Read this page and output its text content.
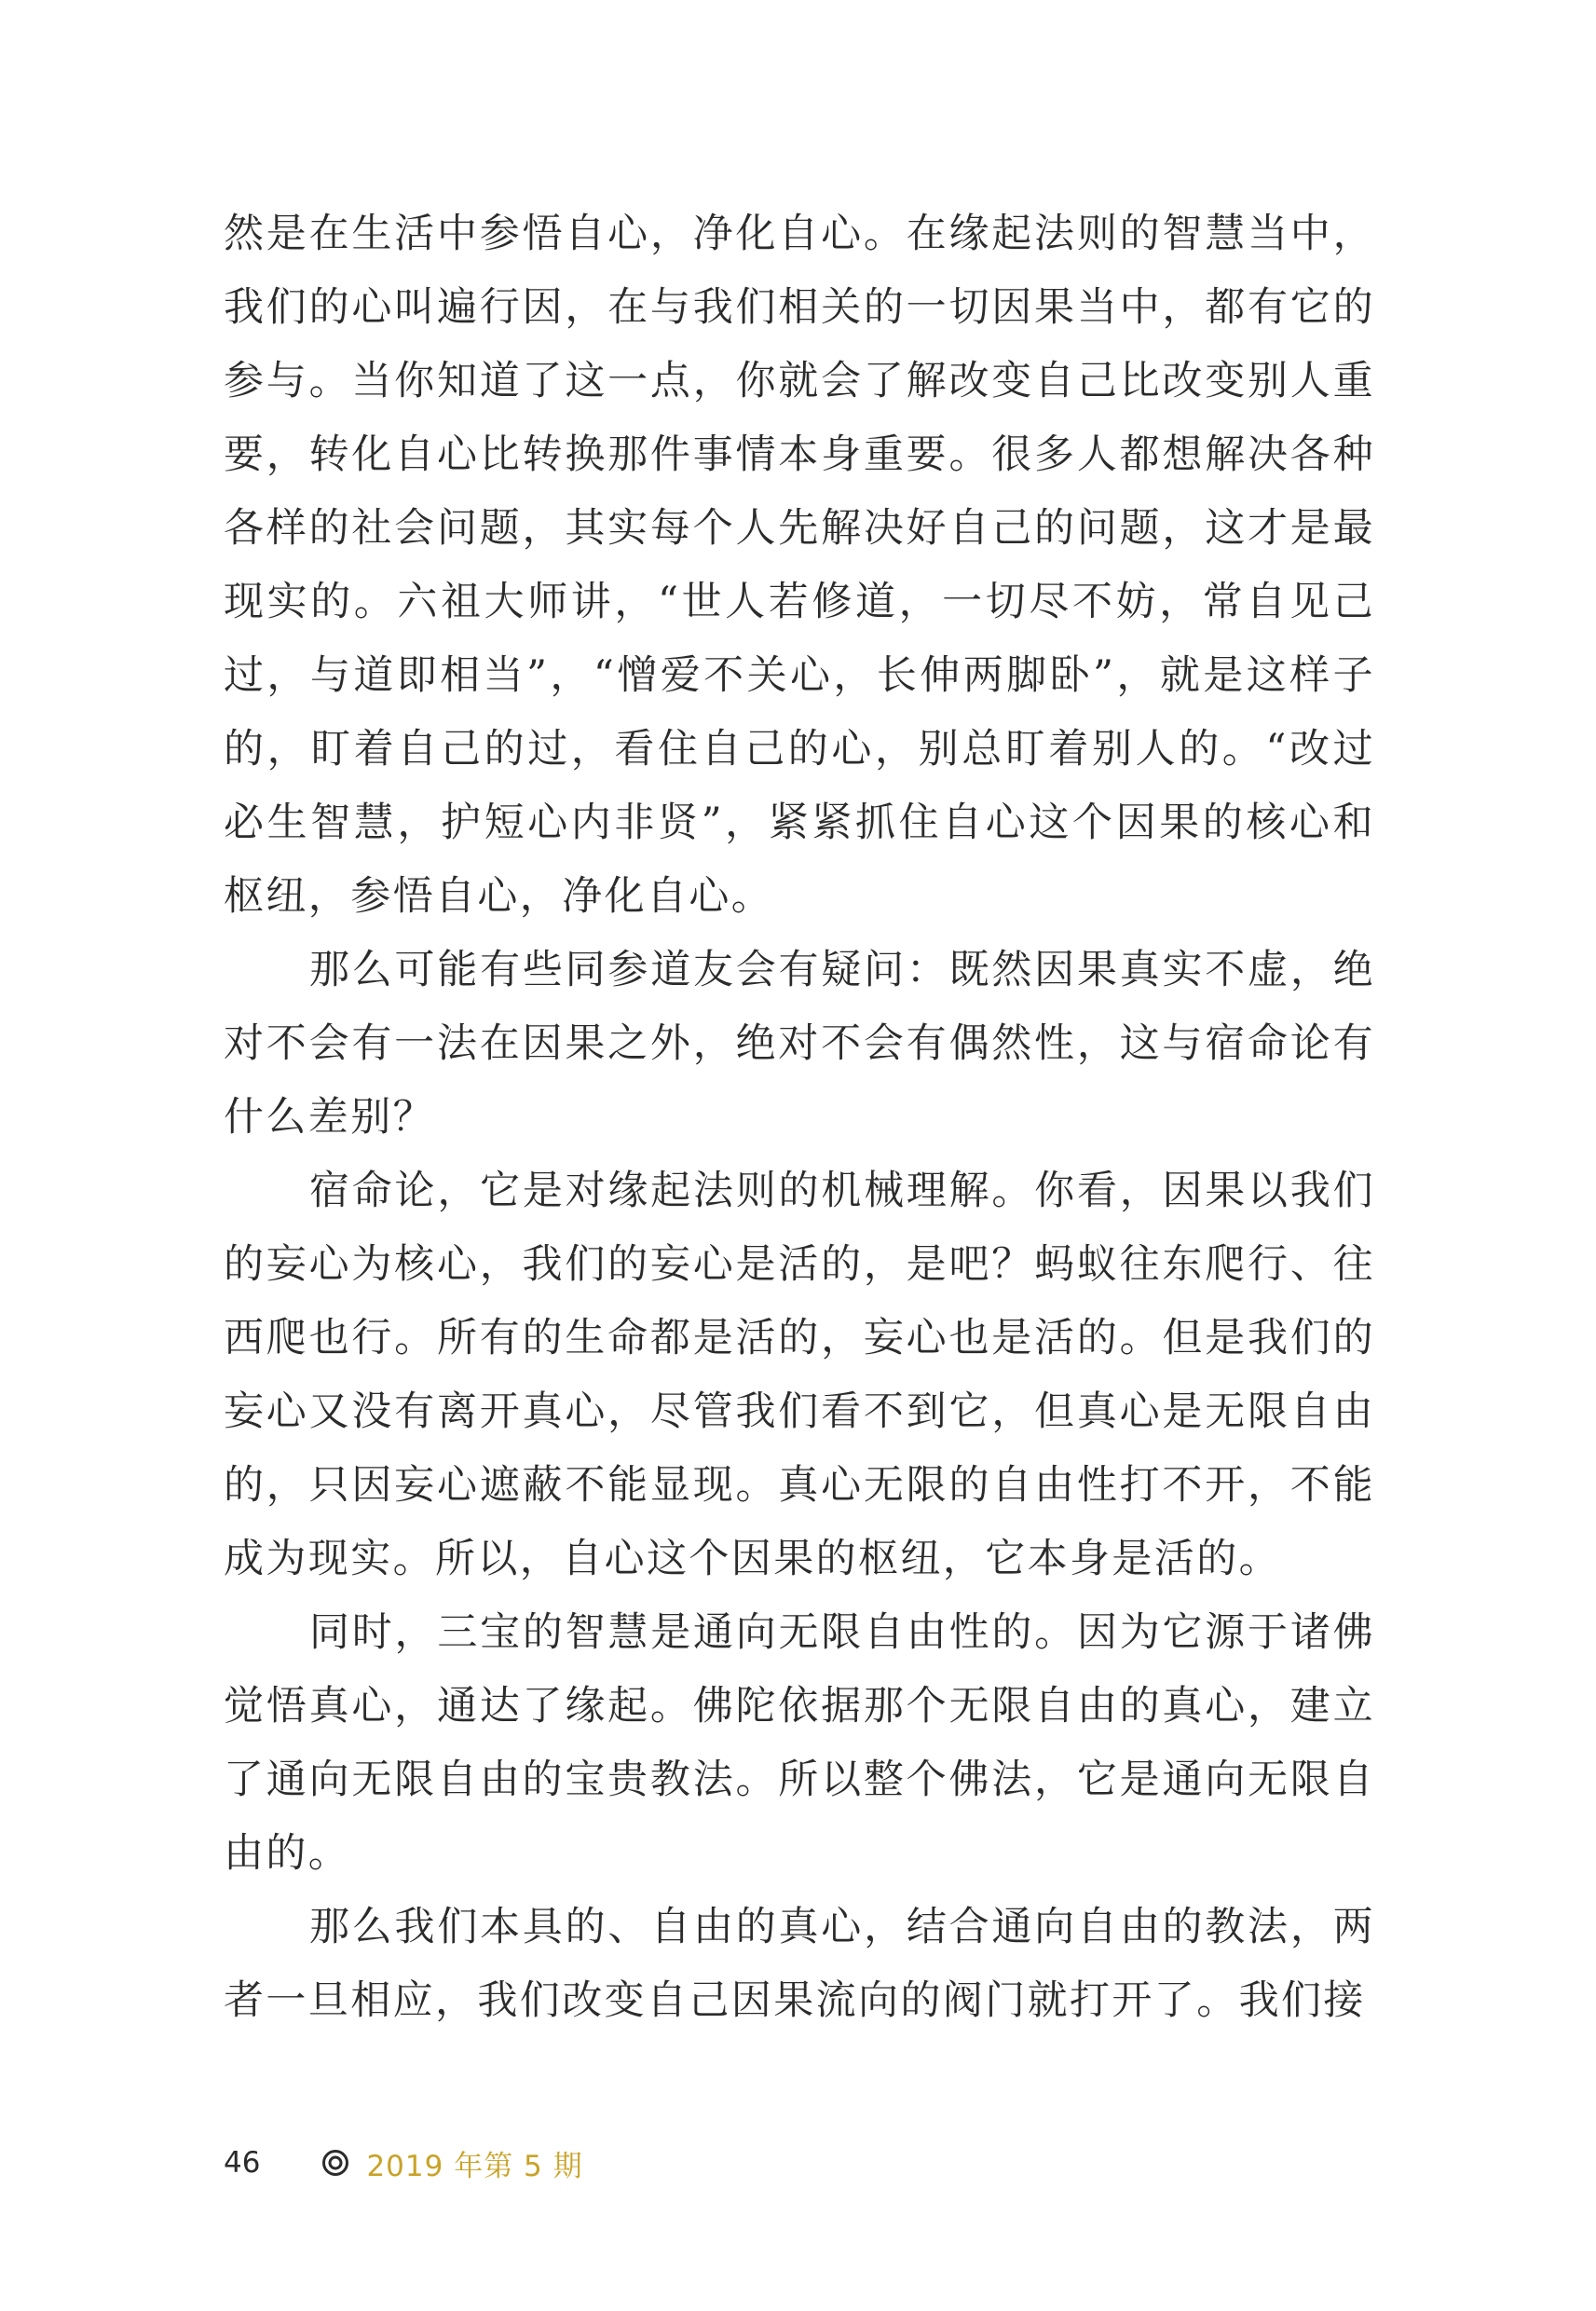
然是在生活中参悟自心，净化自心。在缘起法则的智慧当中，我们的心叫遍行因，在与我们相关的一切因果当中，都有它的参与。当你知道了这一点，你就会了解改变自己比改变别人重要，转化自心比转换那件事情本身重要。很多人都想解决各种各样的社会问题，其实每个人先解决好自己的问题，这才是最现实的。六祖大师讲，“世人若修道，一切尽不妨，常自见己过，与道即相当”，“憎爱不关心，长伸两脚卧”，就是这样子的，盯着自己的过，看住自己的心，别总盯着别人的。“改过必生智慧，护短心内非贤”，紧紧抓住自心这个因果的核心和枢纽，参悟自心，净化自心。

那么可能有些同参道友会有疑问：既然因果真实不虚，绝对不会有一法在因果之外，绝对不会有偶然性，这与宿命论有什么差别？

宿命论，它是对缘起法则的机械理解。你看，因果以我们的妄心为核心，我们的妄心是活的，是吧？蚂蚁往东爬行、往西爬也行。所有的生命都是活的，妄心也是活的。但是我们的妄心又没有离开真心，尽管我们看不到它，但真心是无限自由的，只因妄心遮蔽不能显现。真心无限的自由性打不开，不能成为现实。所以，自心这个因果的枢纽，它本身是活的。

同时，三宝的智慧是通向无限自由性的。因为它源于诸佛觉悟真心，通达了缘起。佛陀依据那个无限自由的真心，建立了通向无限自由的宝贵教法。所以整个佛法，它是通向无限自由的。

那么我们本具的、自由的真心，结合通向自由的教法，两者一旦相应，我们改变自己因果流向的阀门就打开了。我们接

46	2019 年第 5 期
